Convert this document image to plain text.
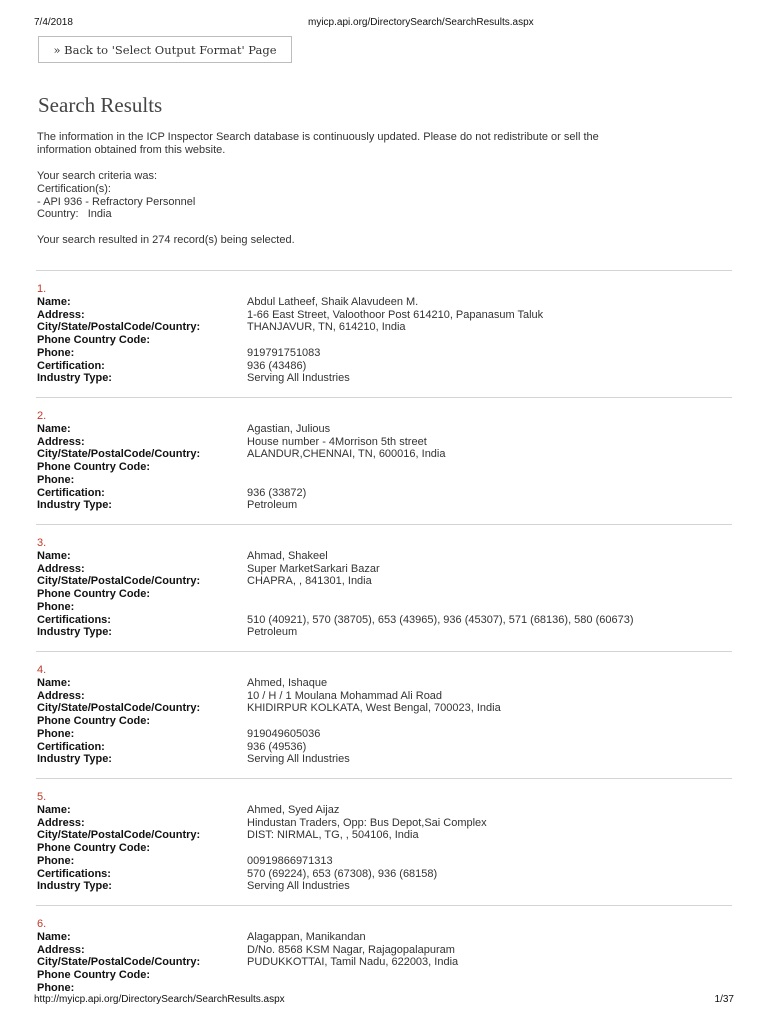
7/4/2018	myicp.api.org/DirectorySearch/SearchResults.aspx
» Back to 'Select Output Format' Page
Search Results
The information in the ICP Inspector Search database is continuously updated. Please do not redistribute or sell the information obtained from this website.
Your search criteria was:
Certification(s):
- API 936 - Refractory Personnel
Country: India
Your search resulted in 274 record(s) being selected.
1.
Name:	Abdul Latheef, Shaik Alavudeen M.
Address:	1-66 East Street, Valoothoor Post 614210, Papanasum Taluk
City/State/PostalCode/Country:	THANJAVUR, TN, 614210, India
Phone Country Code:
Phone:	919791751083
Certification:	936 (43486)
Industry Type:	Serving All Industries
2.
Name:	Agastian, Julious
Address:	House number - 4Morrison 5th street
City/State/PostalCode/Country:	ALANDUR,CHENNAI, TN, 600016, India
Phone Country Code:
Phone:
Certification:	936 (33872)
Industry Type:	Petroleum
3.
Name:	Ahmad, Shakeel
Address:	Super MarketSarkari Bazar
City/State/PostalCode/Country:	CHAPRA, , 841301, India
Phone Country Code:
Phone:
Certifications:	510 (40921), 570 (38705), 653 (43965), 936 (45307), 571 (68136), 580 (60673)
Industry Type:	Petroleum
4.
Name:	Ahmed, Ishaque
Address:	10 / H / 1 Moulana Mohammad Ali Road
City/State/PostalCode/Country:	KHIDIRPUR KOLKATA, West Bengal, 700023, India
Phone Country Code:
Phone:	919049605036
Certification:	936 (49536)
Industry Type:	Serving All Industries
5.
Name:	Ahmed, Syed Aijaz
Address:	Hindustan Traders, Opp: Bus Depot,Sai Complex
City/State/PostalCode/Country:	DIST: NIRMAL, TG, , 504106, India
Phone Country Code:
Phone:	00919866971313
Certifications:	570 (69224), 653 (67308), 936 (68158)
Industry Type:	Serving All Industries
6.
Name:	Alagappan, Manikandan
Address:	D/No. 8568 KSM Nagar, Rajagopalapuram
City/State/PostalCode/Country:	PUDUKKOTTAI, Tamil Nadu, 622003, India
Phone Country Code:
Phone:
http://myicp.api.org/DirectorySearch/SearchResults.aspx	1/37
